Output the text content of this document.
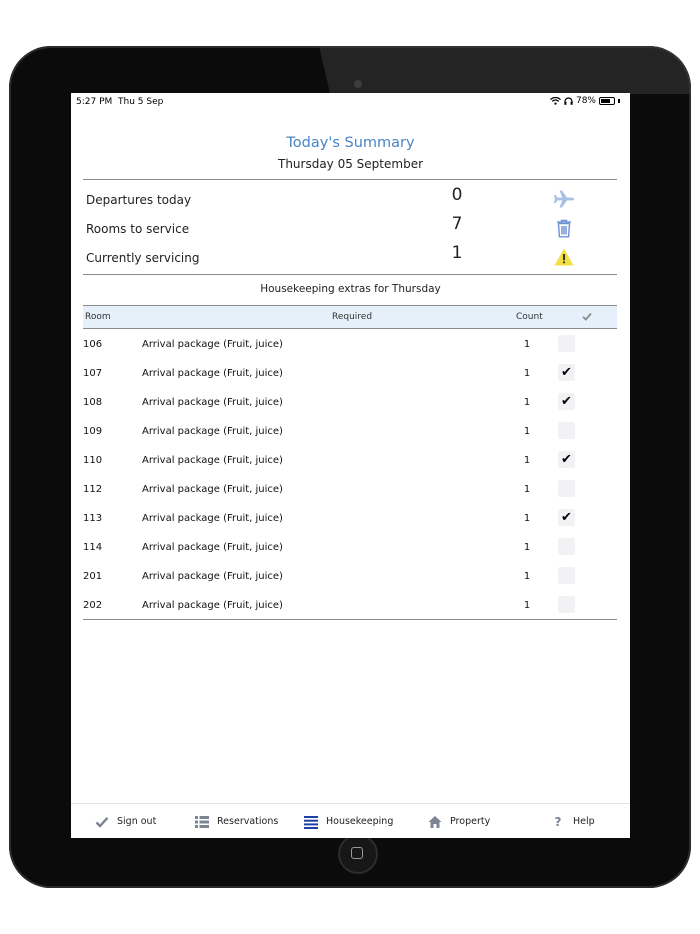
5:27 PM Thu 5 Sep	78%
Today's Summary
Thursday 05 September
Departures today	0
Rooms to service	7
Currently servicing	1
Housekeeping extras for Thursday
Room	Required	Count
106	Arrival package (Fruit, juice)	1
107	Arrival package (Fruit, juice)	1	✔
108	Arrival package (Fruit, juice)	1	✔
109	Arrival package (Fruit, juice)	1
110	Arrival package (Fruit, juice)	1	✔
112	Arrival package (Fruit, juice)	1
113	Arrival package (Fruit, juice)	1	✔
114	Arrival package (Fruit, juice)	1
201	Arrival package (Fruit, juice)	1
202	Arrival package (Fruit, juice)	1
Sign out	Reservations	Housekeeping	Property	?	Help
